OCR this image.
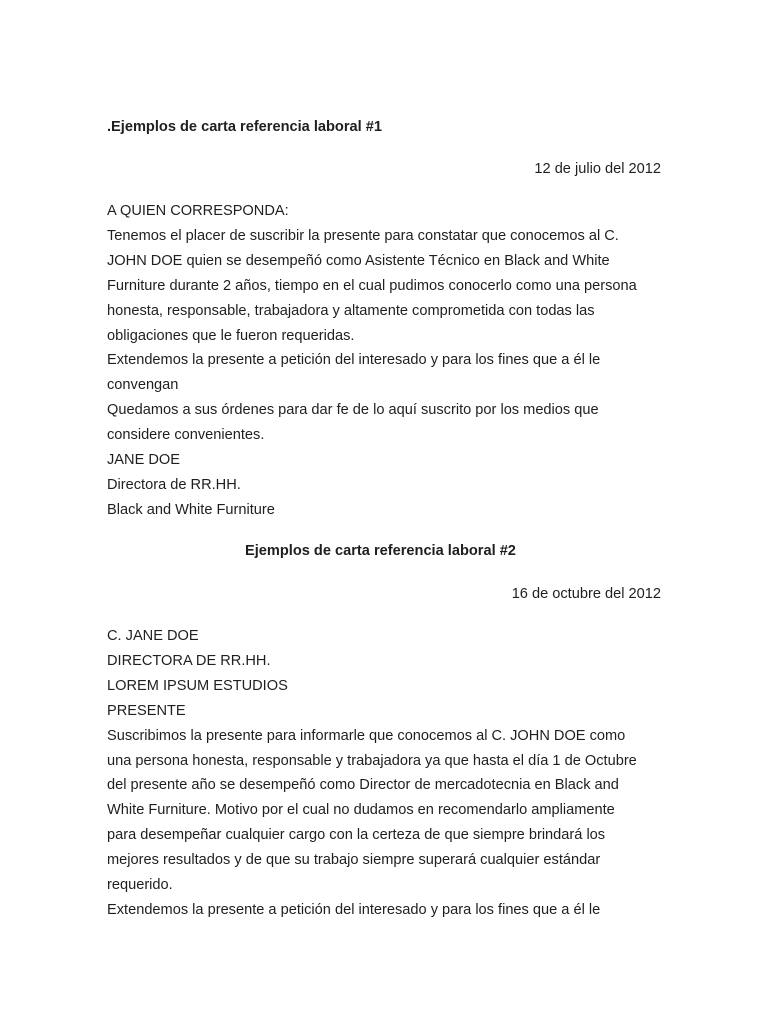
.Ejemplos de carta referencia laboral #1

12 de julio del 2012

A QUIEN CORRESPONDA:
Tenemos el placer de suscribir la presente para constatar que conocemos al C.
JOHN DOE quien se desempeñó como Asistente Técnico en Black and White
Furniture durante 2 años, tiempo en el cual pudimos conocerlo como una persona
honesta, responsable, trabajadora y altamente comprometida con todas las
obligaciones que le fueron requeridas.
Extendemos la presente a petición del interesado y para los fines que a él le
convengan
Quedamos a sus órdenes para dar fe de lo aquí suscrito por los medios que
considere convenientes.
JANE DOE
Directora de RR.HH.
Black and White Furniture

Ejemplos de carta referencia laboral #2

16 de octubre del 2012

C. JANE DOE
DIRECTORA DE RR.HH.
LOREM IPSUM ESTUDIOS
PRESENTE
Suscribimos la presente para informarle que conocemos al C. JOHN DOE como
una persona honesta, responsable y trabajadora ya que hasta el día 1 de Octubre
del presente año se desempeñó como Director de mercadotecnia en Black and
White Furniture. Motivo por el cual no dudamos en recomendarlo ampliamente
para desempeñar cualquier cargo con la certeza de que siempre brindará los
mejores resultados y de que su trabajo siempre superará cualquier estándar
requerido.
Extendemos la presente a petición del interesado y para los fines que a él le
